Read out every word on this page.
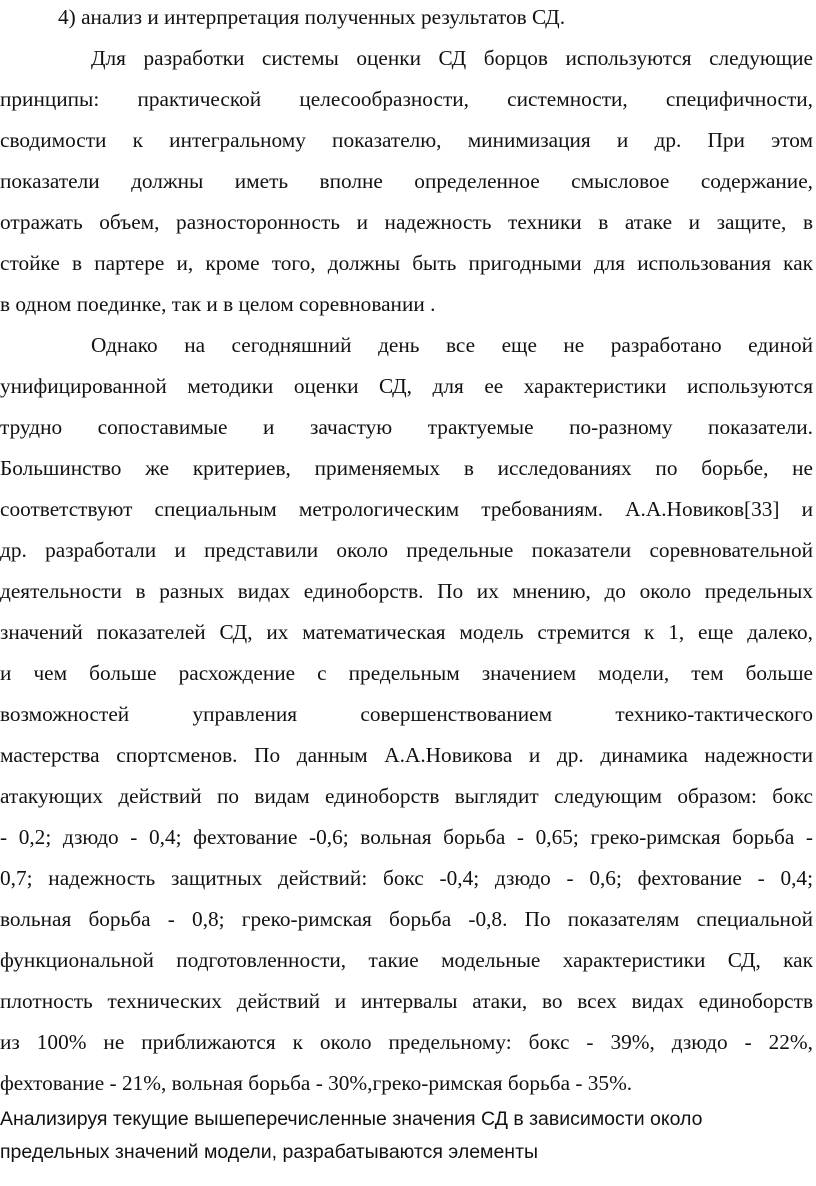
4) анализ и интерпретация полученных результатов СД.
Для разработки системы оценки СД борцов используются следующие
принципы: практической целесообразности, системности, специфичности,
сводимости к интегральному показателю, минимизация и др. При этом
показатели должны иметь вполне определенное смысловое содержание,
отражать объем, разносторонность и надежность техники в атаке и защите, в
стойке в партере и, кроме того, должны быть пригодными для использования как
в одном поединке, так и в целом соревновании .
Однако на сегодняшний день все еще не разработано единой
унифицированной методики оценки СД, для ее характеристики используются
трудно сопоставимые и зачастую трактуемые по-разному показатели.
Большинство же критериев, применяемых в исследованиях по борьбе, не
соответствуют специальным метрологическим требованиям. А.А.Новиков[33] и
др. разработали и представили около предельные показатели соревновательной
деятельности в разных видах единоборств. По их мнению, до около предельных
значений показателей СД, их математическая модель стремится к 1, еще далеко,
и чем больше расхождение с предельным значением модели, тем больше
возможностей управления совершенствованием технико-тактического
мастерства спортсменов. По данным А.А.Новикова и др. динамика надежности
атакующих действий по видам единоборств выглядит следующим образом: бокс
- 0,2; дзюдо - 0,4; фехтование -0,6; вольная борьба - 0,65; греко-римская борьба -
0,7; надежность защитных действий: бокс -0,4; дзюдо - 0,6; фехтование - 0,4;
вольная борьба - 0,8; греко-римская борьба -0,8. По показателям специальной
функциональной подготовленности, такие модельные характеристики СД, как
плотность технических действий и интервалы атаки, во всех видах единоборств
из 100% не приближаются к около предельному: бокс - 39%, дзюдо - 22%,
фехтование - 21%, вольная борьба - 30%,греко-римская борьба - 35%.
Анализируя текущие вышеперечисленные значения СД в зависимости около
предельных значений модели, разрабатываются элементы
